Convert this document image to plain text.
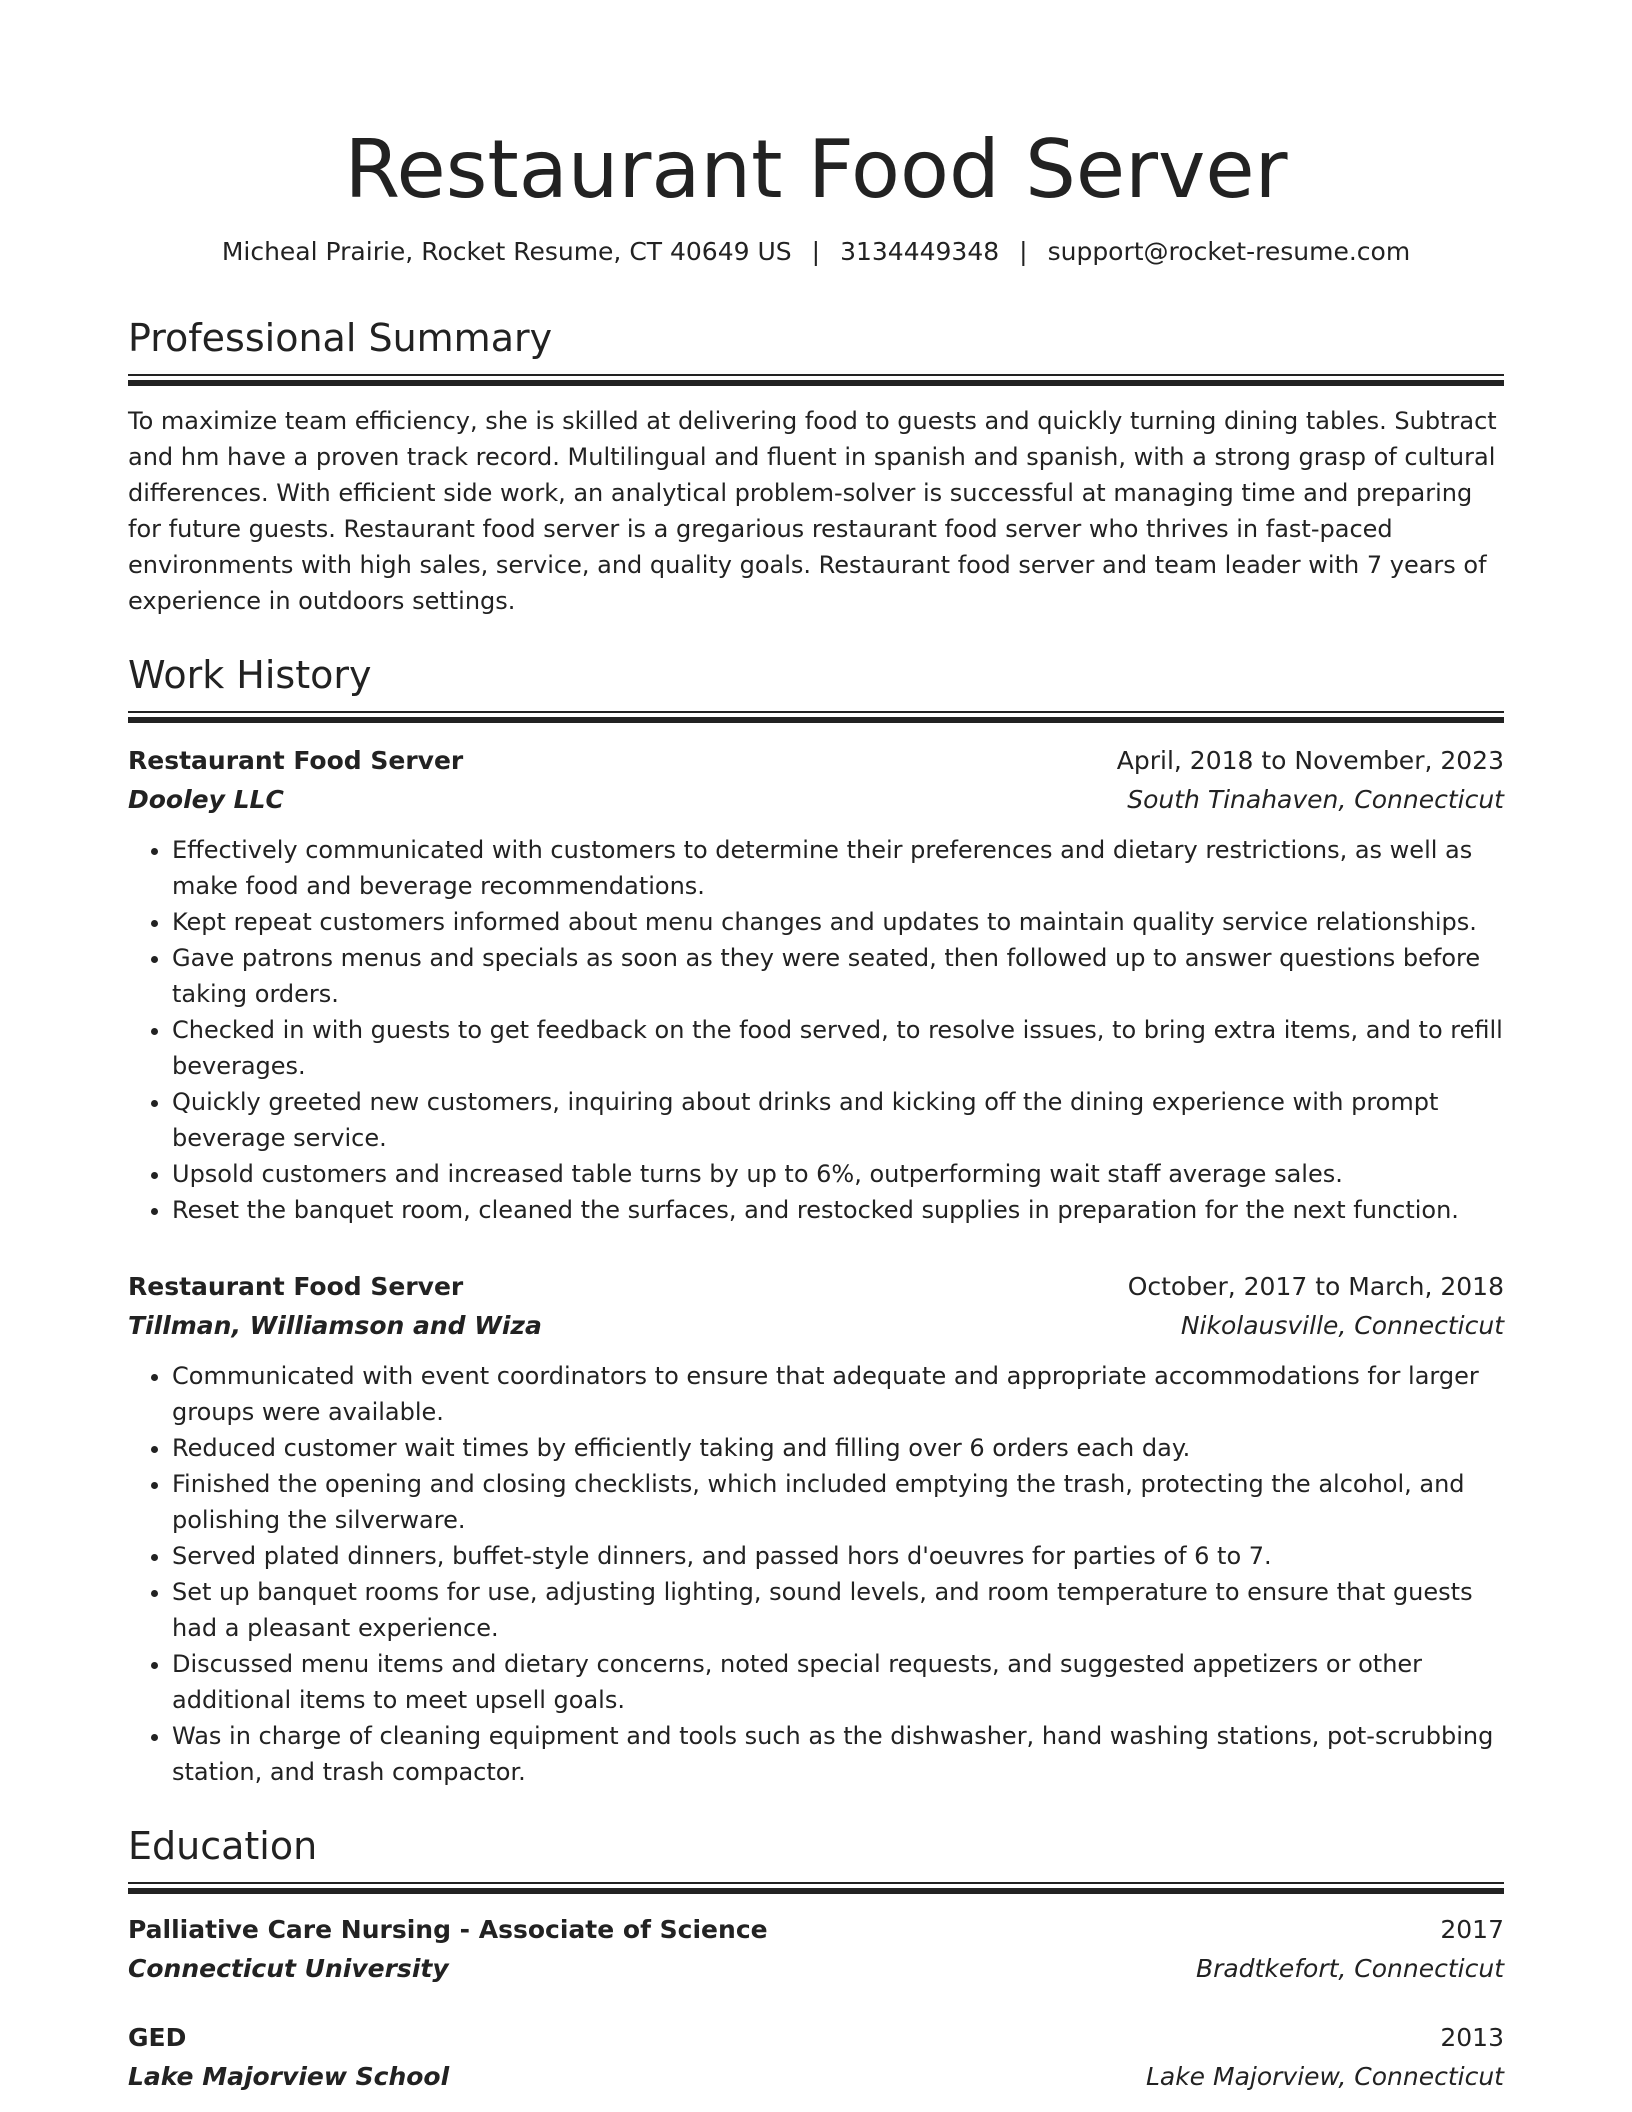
Restaurant Food Server
Micheal Prairie, Rocket Resume, CT 40649 US | 3134449348 | support@rocket-resume.com
Professional Summary
To maximize team efficiency, she is skilled at delivering food to guests and quickly turning dining tables. Subtract and hm have a proven track record. Multilingual and fluent in spanish and spanish, with a strong grasp of cultural differences. With efficient side work, an analytical problem-solver is successful at managing time and preparing for future guests. Restaurant food server is a gregarious restaurant food server who thrives in fast-paced environments with high sales, service, and quality goals. Restaurant food server and team leader with 7 years of experience in outdoors settings.
Work History
Restaurant Food Server	April, 2018 to November, 2023
Dooley LLC	South Tinahaven, Connecticut
• Effectively communicated with customers to determine their preferences and dietary restrictions, as well as make food and beverage recommendations.
• Kept repeat customers informed about menu changes and updates to maintain quality service relationships.
• Gave patrons menus and specials as soon as they were seated, then followed up to answer questions before taking orders.
• Checked in with guests to get feedback on the food served, to resolve issues, to bring extra items, and to refill beverages.
• Quickly greeted new customers, inquiring about drinks and kicking off the dining experience with prompt beverage service.
• Upsold customers and increased table turns by up to 6%, outperforming wait staff average sales.
• Reset the banquet room, cleaned the surfaces, and restocked supplies in preparation for the next function.
Restaurant Food Server	October, 2017 to March, 2018
Tillman, Williamson and Wiza	Nikolausville, Connecticut
• Communicated with event coordinators to ensure that adequate and appropriate accommodations for larger groups were available.
• Reduced customer wait times by efficiently taking and filling over 6 orders each day.
• Finished the opening and closing checklists, which included emptying the trash, protecting the alcohol, and polishing the silverware.
• Served plated dinners, buffet-style dinners, and passed hors d'oeuvres for parties of 6 to 7.
• Set up banquet rooms for use, adjusting lighting, sound levels, and room temperature to ensure that guests had a pleasant experience.
• Discussed menu items and dietary concerns, noted special requests, and suggested appetizers or other additional items to meet upsell goals.
• Was in charge of cleaning equipment and tools such as the dishwasher, hand washing stations, pot-scrubbing station, and trash compactor.
Education
Palliative Care Nursing - Associate of Science	2017
Connecticut University	Bradtkefort, Connecticut
GED	2013
Lake Majorview School	Lake Majorview, Connecticut
